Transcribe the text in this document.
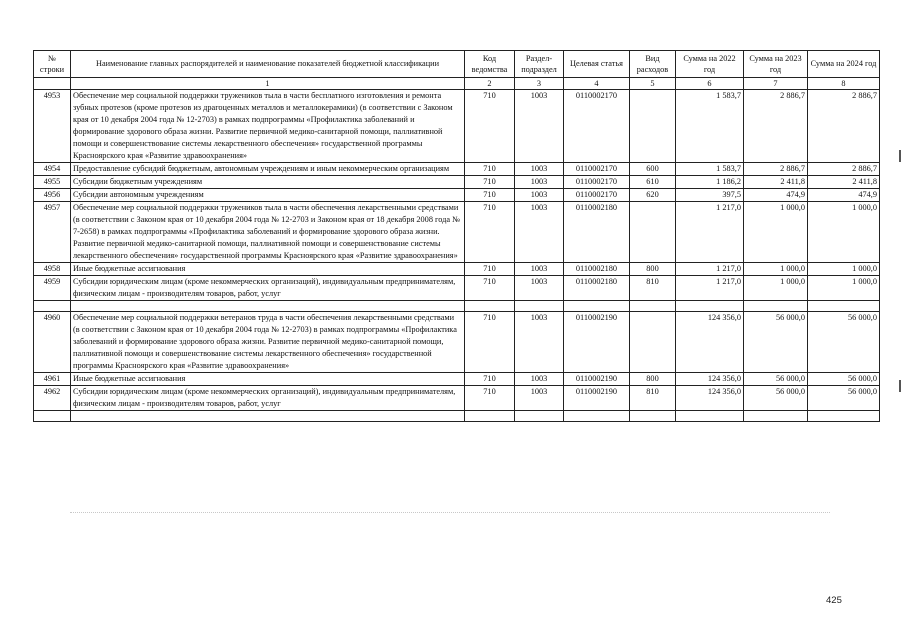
№ строки	Наименование главных распорядителей и наименование показателей бюджетной классификации	Код ведомства	Раздел-подраздел	Целевая статья	Вид расходов	Сумма на 2022 год	Сумма на 2023 год	Сумма на 2024 год
	1	2	3	4	5	6	7	8
4953	Обеспечение мер социальной поддержки тружеников тыла в части бесплатного изготовления и ремонта зубных протезов (кроме протезов из драгоценных металлов и металлокерамики) (в соответствии с Законом края от 10 декабря 2004 года № 12-2703) в рамках подпрограммы «Профилактика заболеваний и формирование здорового образа жизни. Развитие первичной медико-санитарной помощи, паллиативной помощи и совершенствование системы лекарственного обеспечения» государственной программы Красноярского края «Развитие здравоохранения»	710	1003	0110002170		1 583,7	2 886,7	2 886,7
4954	Предоставление субсидий бюджетным, автономным учреждениям и иным некоммерческим организациям	710	1003	0110002170	600	1 583,7	2 886,7	2 886,7
4955	Субсидии бюджетным учреждениям	710	1003	0110002170	610	1 186,2	2 411,8	2 411,8
4956	Субсидии автономным учреждениям	710	1003	0110002170	620	397,5	474,9	474,9
4957	Обеспечение мер социальной поддержки тружеников тыла в части обеспечения лекарственными средствами (в соответствии с Законом края от 10 декабря 2004 года № 12-2703 и Законом края от 18 декабря 2008 года № 7-2658) в рамках подпрограммы «Профилактика заболеваний и формирование здорового образа жизни. Развитие первичной медико-санитарной помощи, паллиативной помощи и совершенствование системы лекарственного обеспечения» государственной программы Красноярского края «Развитие здравоохранения»	710	1003	0110002180		1 217,0	1 000,0	1 000,0
4958	Иные бюджетные ассигнования	710	1003	0110002180	800	1 217,0	1 000,0	1 000,0
4959	Субсидии юридическим лицам (кроме некоммерческих организаций), индивидуальным предпринимателям, физическим лицам - производителям товаров, работ, услуг	710	1003	0110002180	810	1 217,0	1 000,0	1 000,0

4960	Обеспечение мер социальной поддержки ветеранов труда в части обеспечения лекарственными средствами (в соответствии с Законом края от 10 декабря 2004 года № 12-2703) в рамках подпрограммы «Профилактика заболеваний и формирование здорового образа жизни. Развитие первичной медико-санитарной помощи, паллиативной помощи и совершенствование системы лекарственного обеспечения» государственной программы Красноярского края «Развитие здравоохранения»	710	1003	0110002190		124 356,0	56 000,0	56 000,0
4961	Иные бюджетные ассигнования	710	1003	0110002190	800	124 356,0	56 000,0	56 000,0
4962	Субсидии юридическим лицам (кроме некоммерческих организаций), индивидуальным предпринимателям, физическим лицам - производителям товаров, работ, услуг	710	1003	0110002190	810	124 356,0	56 000,0	56 000,0

425
